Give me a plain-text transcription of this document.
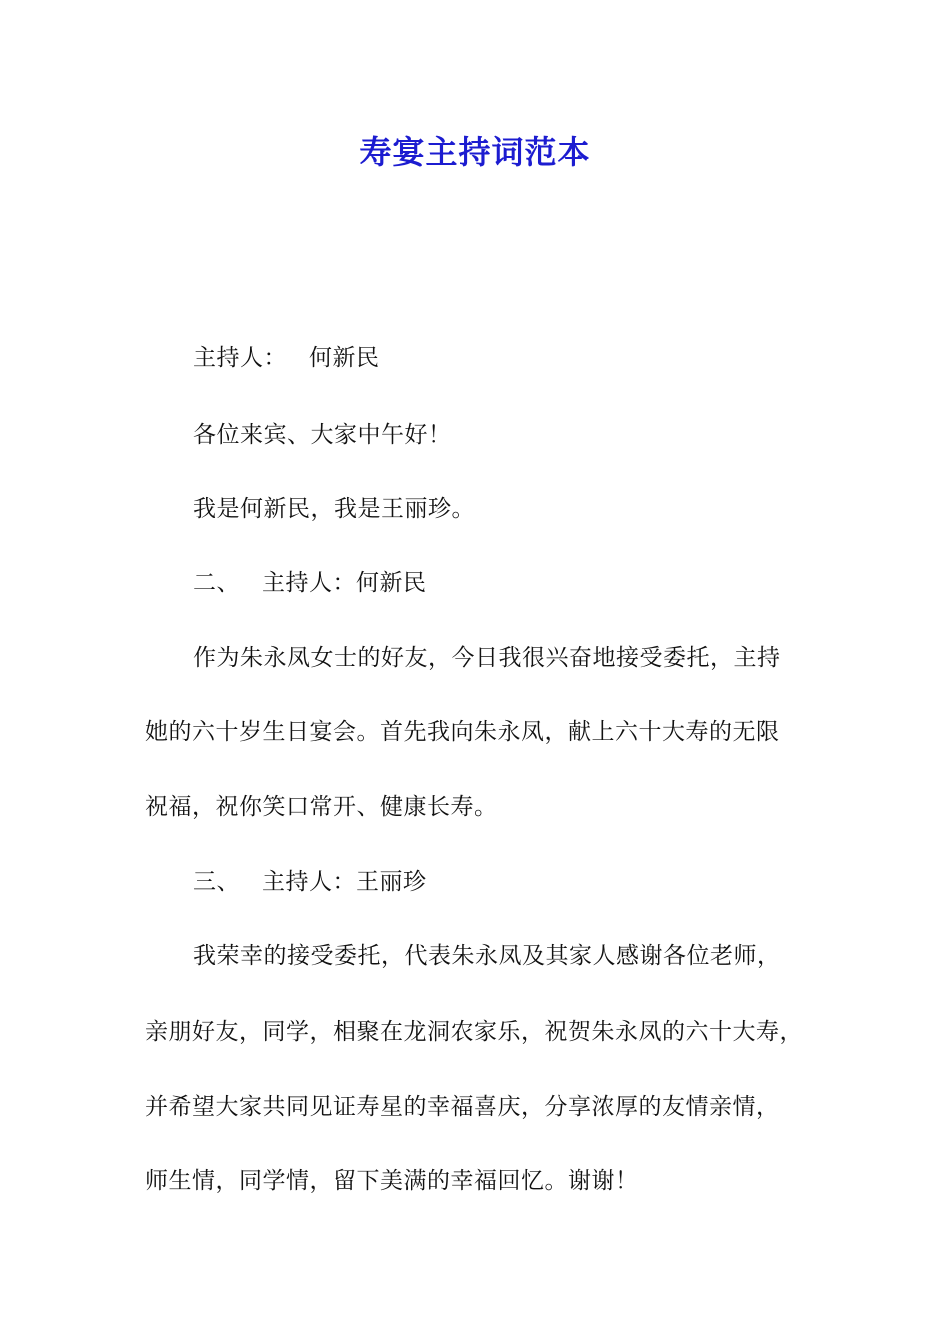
寿宴主持词范本
主持人： 何新民
各位来宾、大家中午好！
我是何新民，我是王丽珍。
二、 主持人：何新民
作为朱永凤女士的好友，今日我很兴奋地接受委托，主持
她的六十岁生日宴会。首先我向朱永凤，献上六十大寿的无限
祝福，祝你笑口常开、健康长寿。
三、 主持人：王丽珍
我荣幸的接受委托，代表朱永凤及其家人感谢各位老师，
亲朋好友，同学，相聚在龙洞农家乐，祝贺朱永凤的六十大寿，
并希望大家共同见证寿星的幸福喜庆，分享浓厚的友情亲情，
师生情，同学情，留下美满的幸福回忆。谢谢！
